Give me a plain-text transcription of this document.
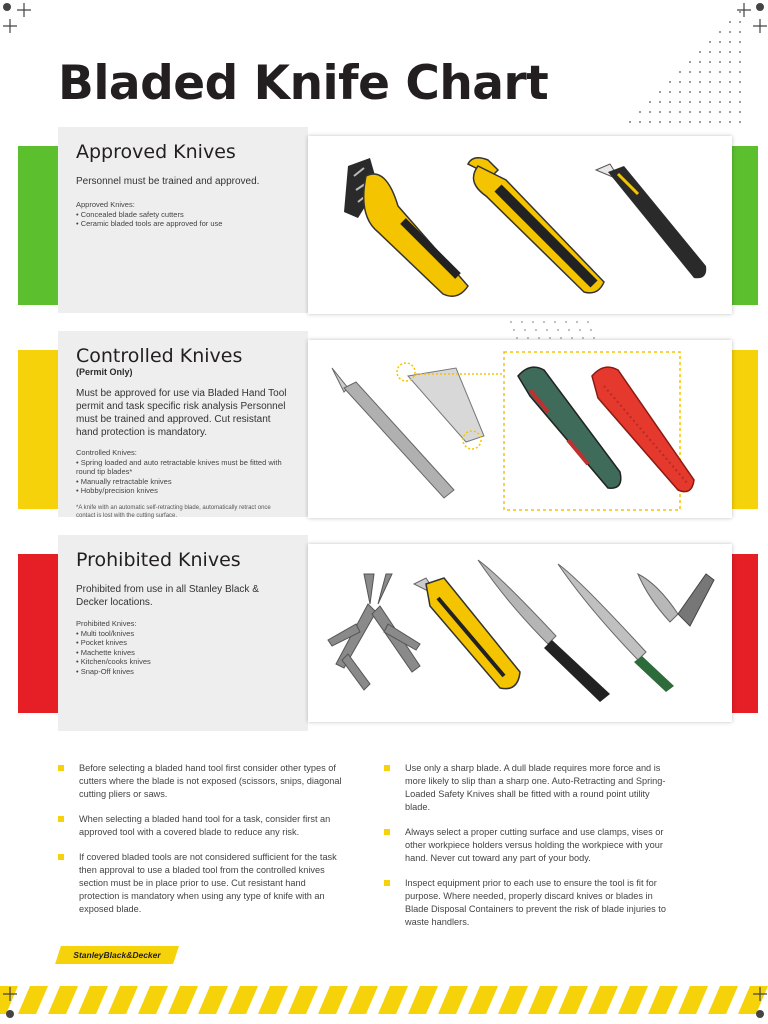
Bladed Knife Chart
Approved Knives
Personnel must be trained and approved.
Approved Knives:
• Concealed blade safety cutters
• Ceramic bladed tools are approved for use
Controlled Knives
(Permit Only)
Must be approved for use via Bladed Hand Tool permit and task specific risk analysis Personnel must be trained and approved. Cut resistant hand protection is mandatory.
Controlled Knives:
• Spring loaded and auto retractable knives must be fitted with round tip blades*
• Manually retractable knives
• Hobby/precision knives
*A knife with an automatic self-retracting blade, automatically retract once contact is lost with the cutting surface.
Prohibited Knives
Prohibited from use in all Stanley Black & Decker locations.
Prohibited Knives:
• Multi tool/knives
• Pocket knives
• Machette knives
• Kitchen/cooks knives
• Snap-Off knives
Before selecting a bladed hand tool first consider other types of cutters where the blade is not exposed (scissors, snips, diagonal cutting pliers or saws.
When selecting a bladed hand tool for a task, consider first an approved tool with a covered blade to reduce any risk.
If covered bladed tools are not considered sufficient for the task then approval to use a bladed tool from the controlled knives section must be in place prior to use. Cut resistant hand protection is mandatory when using any type of knife with an exposed blade.
Use only a sharp blade. A dull blade requires more force and is more likely to slip than a sharp one. Auto-Retracting and Spring-Loaded Safety Knives shall be fitted with a round point utility blade.
Always select a proper cutting surface and use clamps, vises or other workpiece holders versus holding the workpiece with your hand. Never cut toward any part of your body.
Inspect equipment prior to each use to ensure the tool is fit for purpose. Where needed, properly discard knives or blades in Blade Disposal Containers to prevent the risk of blade injuries to waste handlers.
StanleyBlack&Decker
